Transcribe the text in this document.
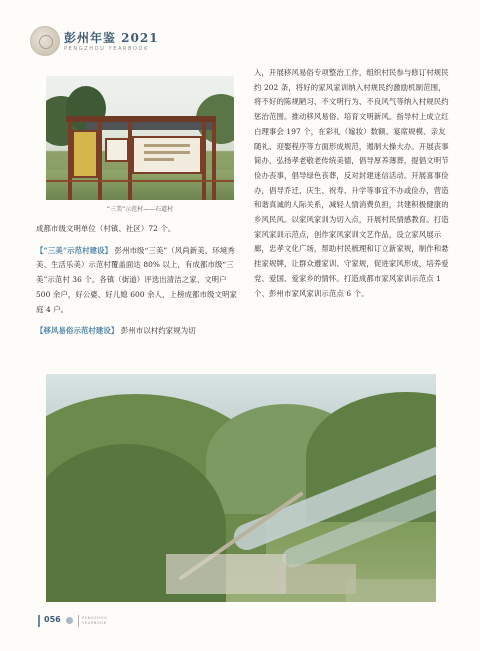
彭州年鉴 2021
PENGZHOU YEARBOOK
“三美”示范村——石道村

成都市级文明单位（村镇、社区）72 个。

【“三美”示范村建设】 彭州市级“三美”（风尚新美、环境秀美、生活乐美）示范村覆盖面达 80% 以上，有成都市级“三美”示范村 36 个。各镇（街道）评选出清洁之家、文明户 500 余户，好公婆、好儿媳 600 余人，上榜成都市级文明家庭 4 户。

【移风易俗示范村建设】 彭州市以村约家规为切

入，开展移风易俗专项整治工作，组织村民参与修订村规民约 202 条，将好的家风家训纳入村规民约激励机制范围，将不好的陈规陋习、不文明行为、不良风气等纳入村规民约惩治范围。推动移风易俗、培育文明新风。指导村上成立红白理事会 197 个，在彩礼（嫁妆）数额、宴席规模、亲友随礼、迎娶程序等方面形成规范，遏制大操大办。开展丧事简办，弘扬孝老敬老传统美德，倡导厚养薄葬，提倡文明节俭办丧事，倡导绿色丧葬，反对封建迷信活动。开展喜事俭办，倡导乔迁、庆生、祝寿、升学等事宜不办或俭办，营造和谐真诚的人际关系，减轻人情消费负担，共建积极健康的乡风民风。以家风家训为切入点，开展村民情感教育。打造家风家训示范点，创作家风家训文艺作品，设立家风展示廊，忠孝文化广场，帮助村民梳理和订立新家规，制作和悬挂家规牌，让群众遵家训、守家规，促进家风形成，培养爱党、爱国、爱家乡的情怀。打造成都市家风家训示范点 1 个、彭州市家风家训示范点 6 个。

056	PENGZHOU
YEARBOOK
